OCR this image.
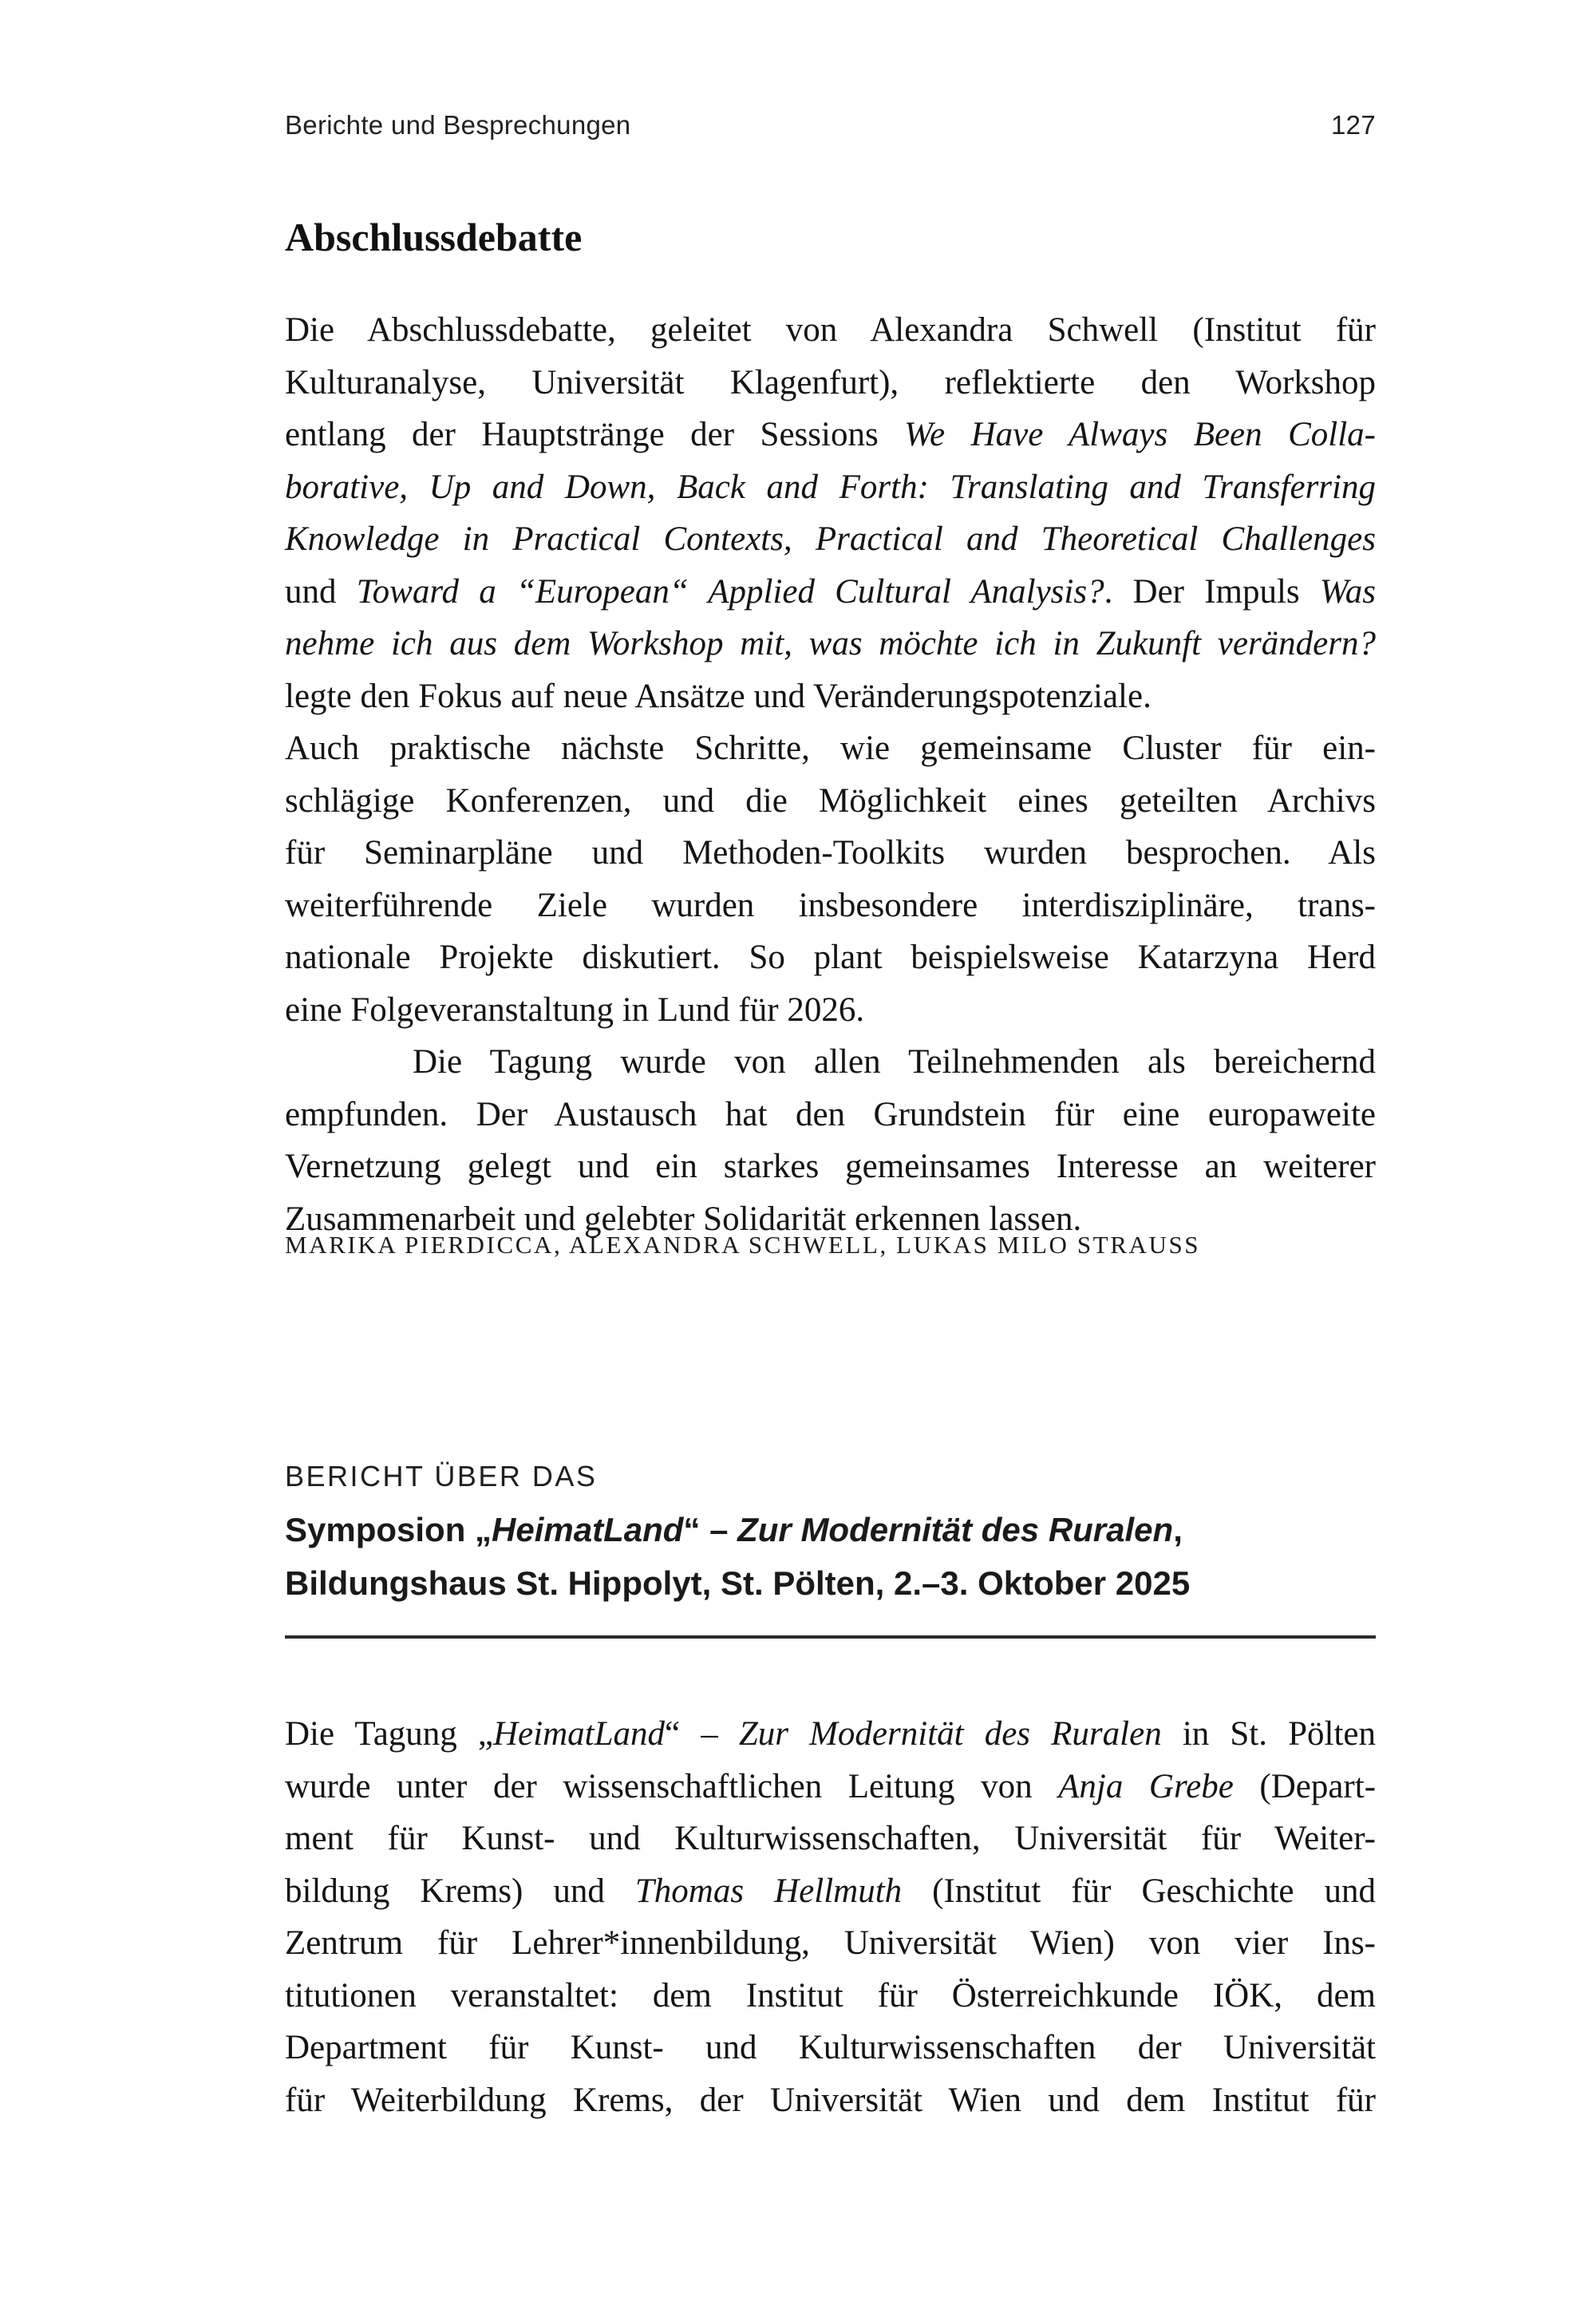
Berichte und Besprechungen	127
Abschlussdebatte
Die Abschlussdebatte, geleitet von Alexandra Schwell (Institut für
Kulturanalyse, Universität Klagenfurt), reflektierte den Workshop
entlang der Hauptstränge der Sessions We Have Always Been Colla-
borative, Up and Down, Back and Forth: Translating and Transferring
Knowledge in Practical Contexts, Practical and Theoretical Challenges
und Toward a “European“ Applied Cultural Analysis?. Der Impuls Was
nehme ich aus dem Workshop mit, was möchte ich in Zukunft verändern?
legte den Fokus auf neue Ansätze und Veränderungspotenziale.
Auch praktische nächste Schritte, wie gemeinsame Cluster für ein-
schlägige Konferenzen, und die Möglichkeit eines geteilten Archivs
für Seminarpläne und Methoden-Toolkits wurden besprochen. Als
weiterführende Ziele wurden insbesondere interdisziplinäre, trans-
nationale Projekte diskutiert. So plant beispielsweise Katarzyna Herd
eine Folgeveranstaltung in Lund für 2026.
Die Tagung wurde von allen Teilnehmenden als bereichernd
empfunden. Der Austausch hat den Grundstein für eine europaweite
Vernetzung gelegt und ein starkes gemeinsames Interesse an weiterer
Zusammenarbeit und gelebter Solidarität erkennen lassen.
MARIKA PIERDICCA, ALEXANDRA SCHWELL, LUKAS MILO STRAUSS
BERICHT ÜBER DAS
Symposion „HeimatLand“ – Zur Modernität des Ruralen,
Bildungshaus St. Hippolyt, St. Pölten, 2.–3. Oktober 2025
Die Tagung „HeimatLand“ – Zur Modernität des Ruralen in St. Pölten
wurde unter der wissenschaftlichen Leitung von Anja Grebe (Depart-
ment für Kunst- und Kulturwissenschaften, Universität für Weiter-
bildung Krems) und Thomas Hellmuth (Institut für Geschichte und
Zentrum für Lehrer*innenbildung, Universität Wien) von vier Ins-
titutionen veranstaltet: dem Institut für Österreichkunde IÖK, dem
Department für Kunst- und Kulturwissenschaften der Universität
für Weiterbildung Krems, der Universität Wien und dem Institut für
